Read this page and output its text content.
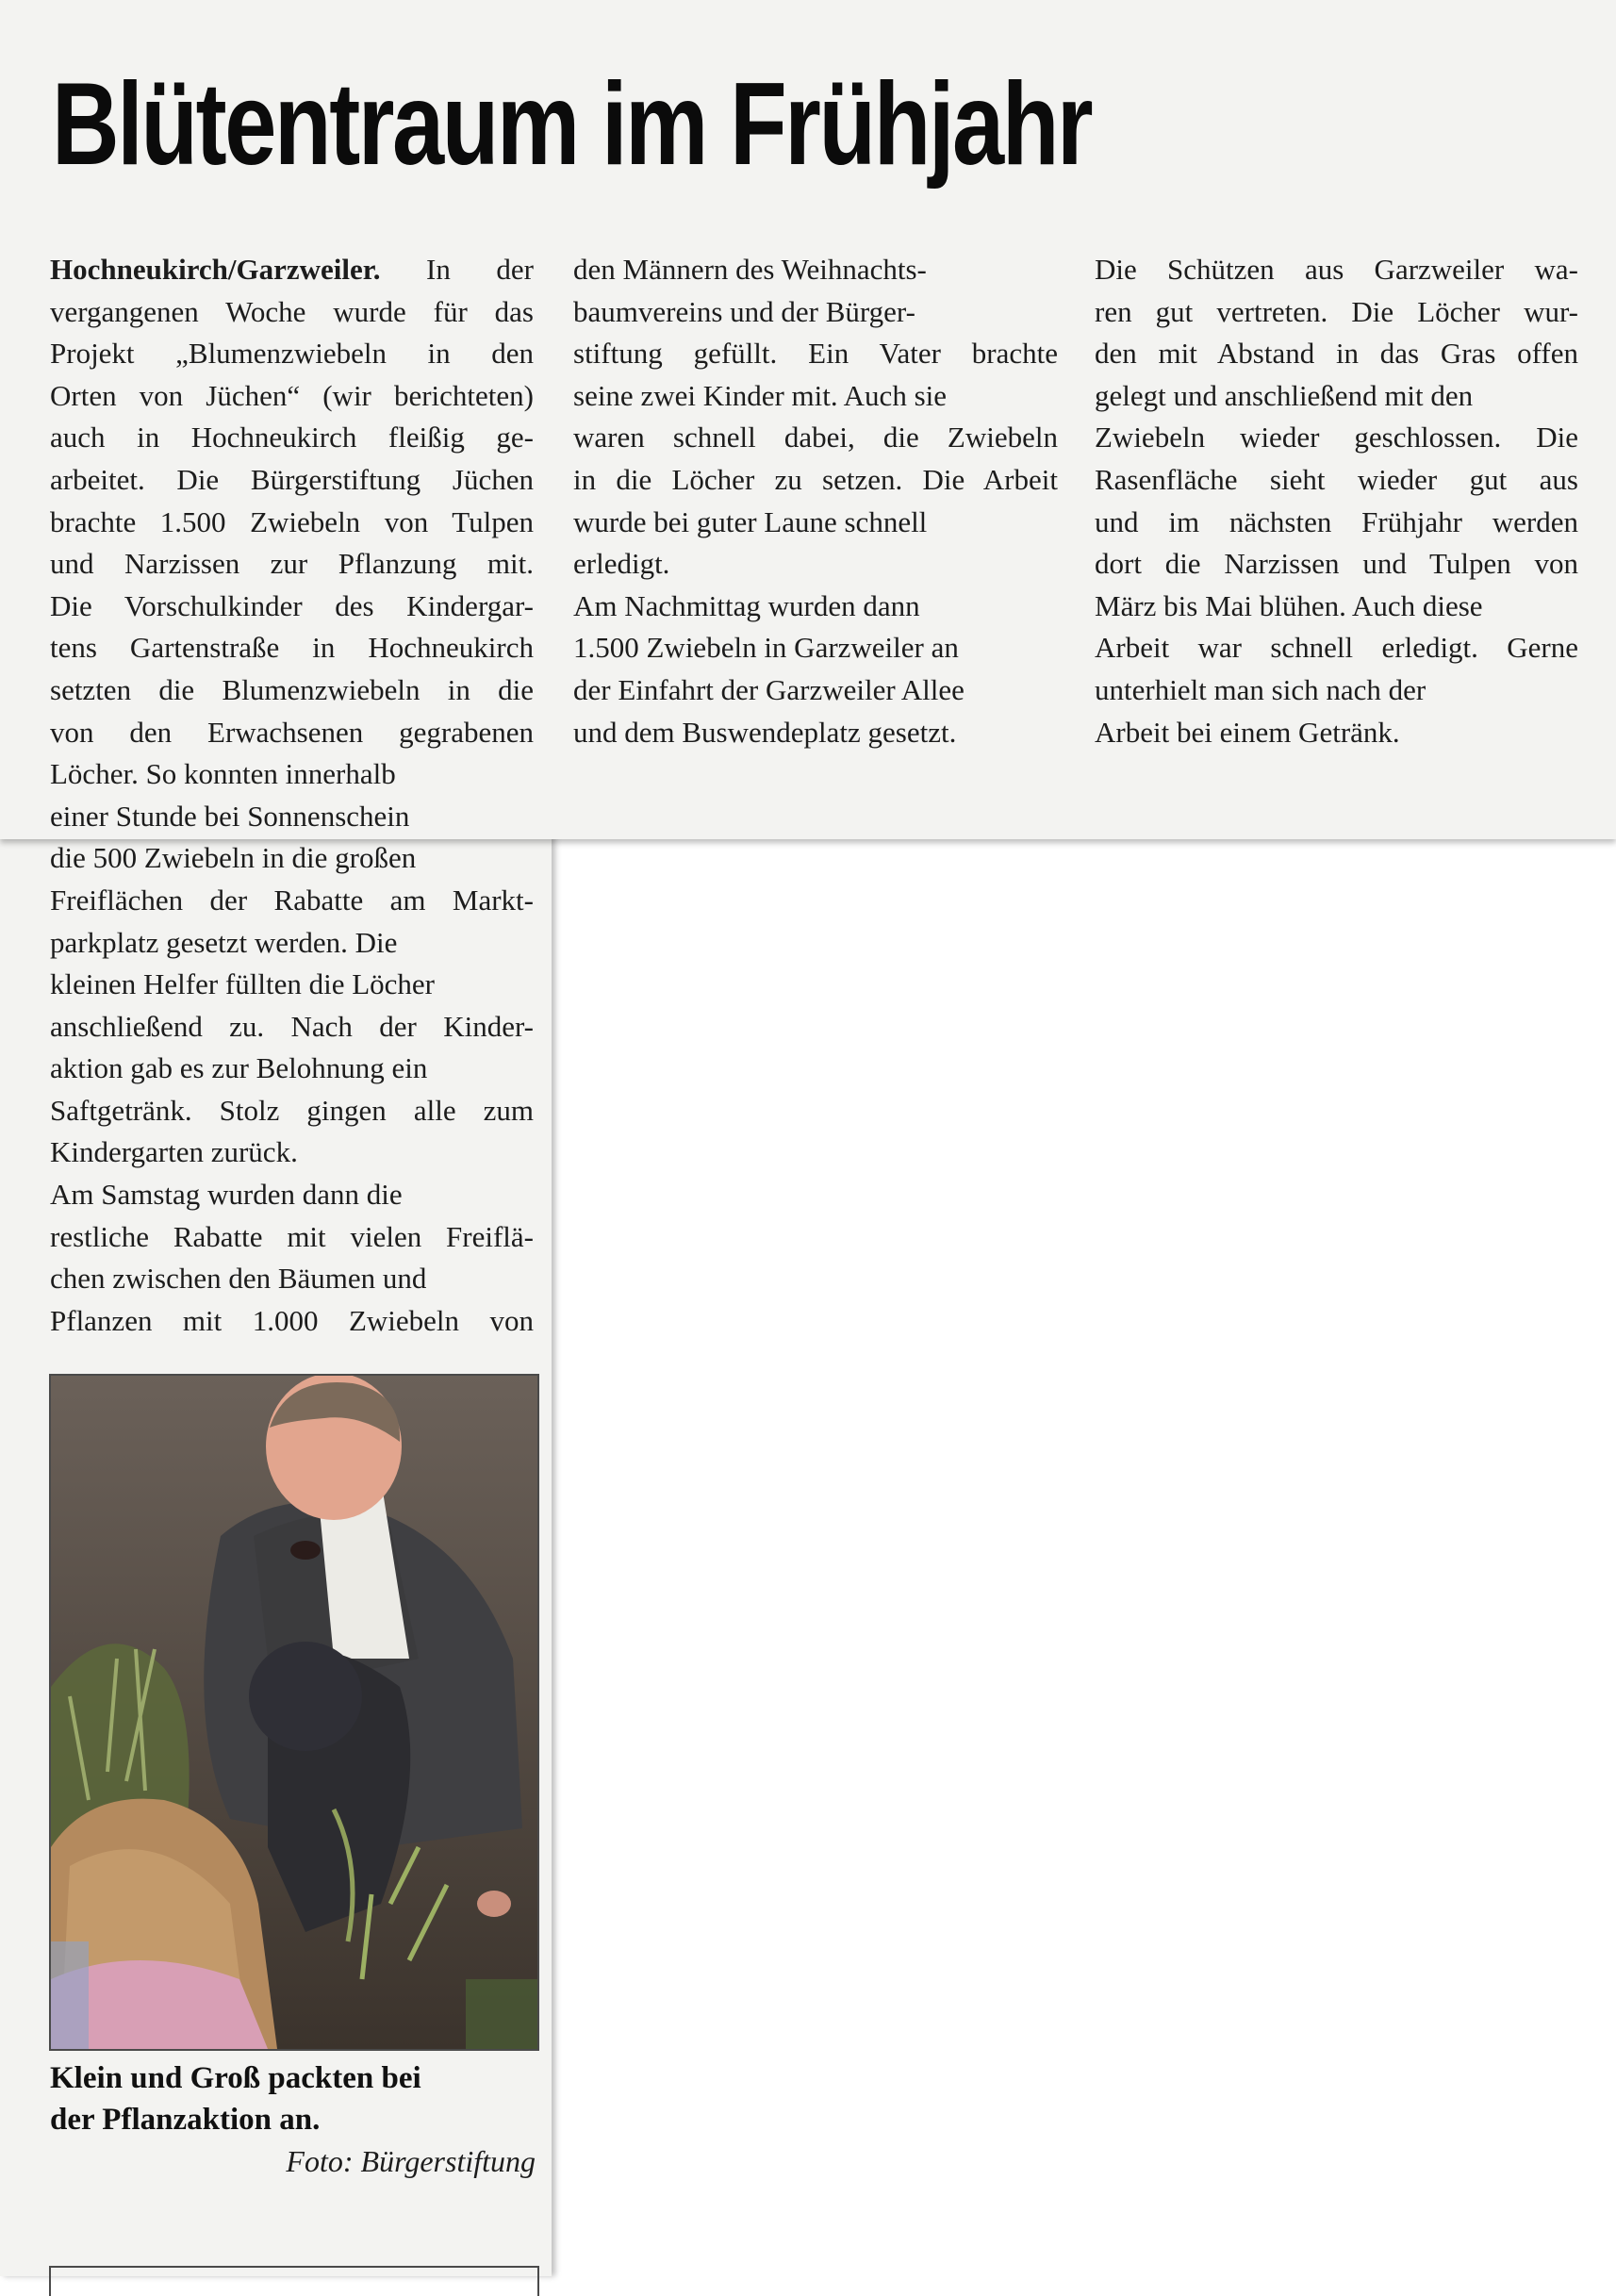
Blütentraum im Frühjahr
Hochneukirch/Garzweiler. In der
vergangenen Woche wurde für das
Projekt „Blumenzwiebeln in den
Orten von Jüchen“ (wir berichteten)
auch in Hochneukirch fleißig ge-
arbeitet. Die Bürgerstiftung Jüchen
brachte 1.500 Zwiebeln von Tulpen
und Narzissen zur Pflanzung mit.
Die Vorschulkinder des Kindergar-
tens Gartenstraße in Hochneukirch
setzten die Blumenzwiebeln in die
von den Erwachsenen gegrabenen
Löcher. So konnten innerhalb
einer Stunde bei Sonnenschein
die 500 Zwiebeln in die großen
Freiflächen der Rabatte am Markt-
parkplatz gesetzt werden. Die
kleinen Helfer füllten die Löcher
anschließend zu. Nach der Kinder-
aktion gab es zur Belohnung ein
Saftgetränk. Stolz gingen alle zum
Kindergarten zurück.
Am Samstag wurden dann die
restliche Rabatte mit vielen Freiflä-
chen zwischen den Bäumen und
Pflanzen mit 1.000 Zwiebeln von
den Männern des Weihnachts-
baumvereins und der Bürger-
stiftung gefüllt. Ein Vater brachte
seine zwei Kinder mit. Auch sie
waren schnell dabei, die Zwiebeln
in die Löcher zu setzen. Die Arbeit
wurde bei guter Laune schnell
erledigt.
Am Nachmittag wurden dann
1.500 Zwiebeln in Garzweiler an
der Einfahrt der Garzweiler Allee
und dem Buswendeplatz gesetzt.
Die Schützen aus Garzweiler wa-
ren gut vertreten. Die Löcher wur-
den mit Abstand in das Gras offen
gelegt und anschließend mit den
Zwiebeln wieder geschlossen. Die
Rasenfläche sieht wieder gut aus
und im nächsten Frühjahr werden
dort die Narzissen und Tulpen von
März bis Mai blühen. Auch diese
Arbeit war schnell erledigt. Gerne
unterhielt man sich nach der
Arbeit bei einem Getränk.

Klein und Groß packten bei
der Pflanzaktion an.

Foto: Bürgerstiftung
